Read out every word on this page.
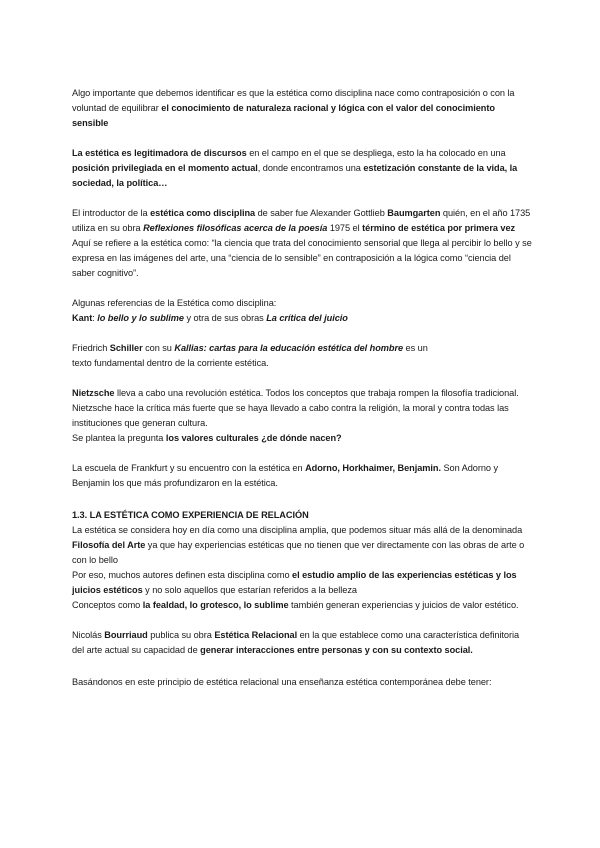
Algo importante que debemos identificar es que la estética como disciplina nace como contraposición o con la voluntad de equilibrar el conocimiento de naturaleza racional y lógica con el valor del conocimiento sensible

La estética es legitimadora de discursos en el campo en el que se despliega, esto la ha colocado en una posición privilegiada en el momento actual, donde encontramos una estetización constante de la vida, la sociedad, la política…

El introductor de la estética como disciplina de saber fue Alexander Gottlieb Baumgarten quién, en el año 1735 utiliza en su obra Reflexiones filosóficas acerca de la poesía 1975 el término de estética por primera vez
Aquí se refiere a la estética como: “la ciencia que trata del conocimiento sensorial que llega al percibir lo bello y se expresa en las imágenes del arte, una “ciencia de lo sensible” en contraposición a la lógica como “ciencia del saber cognitivo”.

Algunas referencias de la Estética como disciplina:
Kant: lo bello y lo sublime y otra de sus obras La crítica del juicio

Friedrich Schiller con su Kallias: cartas para la educación estética del hombre es un
texto fundamental dentro de la corriente estética.

Nietzsche lleva a cabo una revolución estética. Todos los conceptos que trabaja rompen la filosofía tradicional. Nietzsche hace la crítica más fuerte que se haya llevado a cabo contra la religión, la moral y contra todas las instituciones que generan cultura.
Se plantea la pregunta los valores culturales ¿de dónde nacen?

La escuela de Frankfurt y su encuentro con la estética en Adorno, Horkhaimer, Benjamin. Son Adorno y Benjamin los que más profundizaron en la estética.

1.3. LA ESTÉTICA COMO EXPERIENCIA DE RELACIÓN
La estética se considera hoy en día como una disciplina amplia, que podemos situar más allá de la denominada Filosofía del Arte ya que hay experiencias estéticas que no tienen que ver directamente con las obras de arte o con lo bello
Por eso, muchos autores definen esta disciplina como el estudio amplio de las experiencias estéticas y los juicios estéticos y no solo aquellos que estarían referidos a la belleza
Conceptos como la fealdad, lo grotesco, lo sublime también generan experiencias y juicios de valor estético.

Nicolás Bourriaud publica su obra Estética Relacional en la que establece como una característica definitoria del arte actual su capacidad de generar interacciones entre personas y con su contexto social.

Basándonos en este principio de estética relacional una enseñanza estética contemporánea debe tener:
